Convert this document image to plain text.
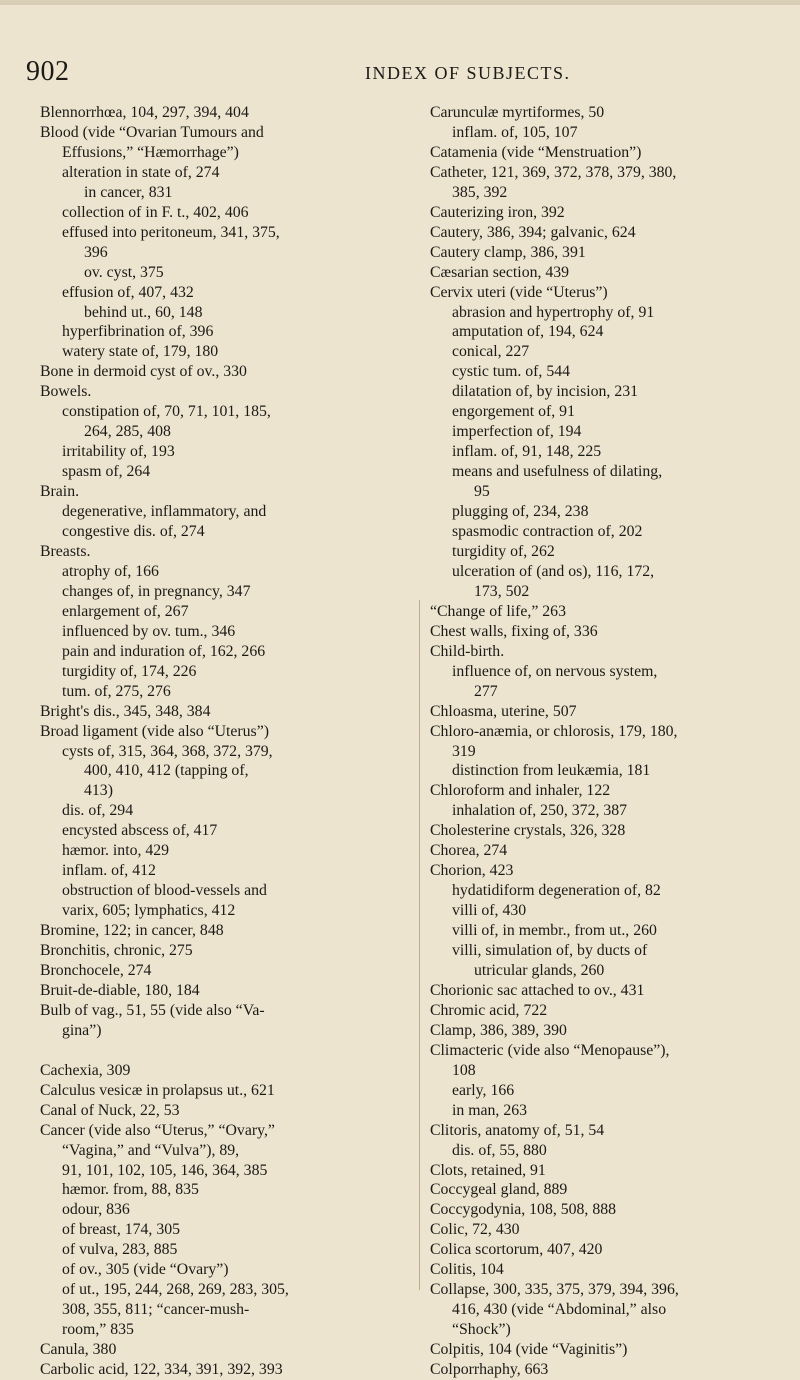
902	INDEX OF SUBJECTS.
Blennorrhœa, 104, 297, 394, 404
Blood (vide “Ovarian Tumours and
Effusions,” “Hæmorrhage”)
alteration in state of, 274
in cancer, 831
collection of in F. t., 402, 406
effused into peritoneum, 341, 375,
396
ov. cyst, 375
effusion of, 407, 432
behind ut., 60, 148
hyperfibrination of, 396
watery state of, 179, 180
Bone in dermoid cyst of ov., 330
Bowels.
constipation of, 70, 71, 101, 185,
264, 285, 408
irritability of, 193
spasm of, 264
Brain.
degenerative, inflammatory, and
congestive dis. of, 274
Breasts.
atrophy of, 166
changes of, in pregnancy, 347
enlargement of, 267
influenced by ov. tum., 346
pain and induration of, 162, 266
turgidity of, 174, 226
tum. of, 275, 276
Bright's dis., 345, 348, 384
Broad ligament (vide also “Uterus”)
cysts of, 315, 364, 368, 372, 379,
400, 410, 412 (tapping of,
413)
dis. of, 294
encysted abscess of, 417
hæmor. into, 429
inflam. of, 412
obstruction of blood-vessels and
varix, 605; lymphatics, 412
Bromine, 122; in cancer, 848
Bronchitis, chronic, 275
Bronchocele, 274
Bruit-de-diable, 180, 184
Bulb of vag., 51, 55 (vide also “Va-
gina”)
Cachexia, 309
Calculus vesicæ in prolapsus ut., 621
Canal of Nuck, 22, 53
Cancer (vide also “Uterus,” “Ovary,”
“Vagina,” and “Vulva”), 89,
91, 101, 102, 105, 146, 364, 385
hæmor. from, 88, 835
odour, 836
of breast, 174, 305
of vulva, 283, 885
of ov., 305 (vide “Ovary”)
of ut., 195, 244, 268, 269, 283, 305,
308, 355, 811; “cancer-mush-
room,” 835
Canula, 380
Carbolic acid, 122, 334, 391, 392, 393
Carunculæ myrtiformes, 50
inflam. of, 105, 107
Catamenia (vide “Menstruation”)
Catheter, 121, 369, 372, 378, 379, 380,
385, 392
Cauterizing iron, 392
Cautery, 386, 394; galvanic, 624
Cautery clamp, 386, 391
Cæsarian section, 439
Cervix uteri (vide “Uterus”)
abrasion and hypertrophy of, 91
amputation of, 194, 624
conical, 227
cystic tum. of, 544
dilatation of, by incision, 231
engorgement of, 91
imperfection of, 194
inflam. of, 91, 148, 225
means and usefulness of dilating,
95
plugging of, 234, 238
spasmodic contraction of, 202
turgidity of, 262
ulceration of (and os), 116, 172,
173, 502
“Change of life,” 263
Chest walls, fixing of, 336
Child-birth.
influence of, on nervous system,
277
Chloasma, uterine, 507
Chloro-anæmia, or chlorosis, 179, 180,
319
distinction from leukæmia, 181
Chloroform and inhaler, 122
inhalation of, 250, 372, 387
Cholesterine crystals, 326, 328
Chorea, 274
Chorion, 423
hydatidiform degeneration of, 82
villi of, 430
villi of, in membr., from ut., 260
villi, simulation of, by ducts of
utricular glands, 260
Chorionic sac attached to ov., 431
Chromic acid, 722
Clamp, 386, 389, 390
Climacteric (vide also “Menopause”),
108
early, 166
in man, 263
Clitoris, anatomy of, 51, 54
dis. of, 55, 880
Clots, retained, 91
Coccygeal gland, 889
Coccygodynia, 108, 508, 888
Colic, 72, 430
Colica scortorum, 407, 420
Colitis, 104
Collapse, 300, 335, 375, 379, 394, 396,
416, 430 (vide “Abdominal,” also
“Shock”)
Colpitis, 104 (vide “Vaginitis”)
Colporrhaphy, 663
